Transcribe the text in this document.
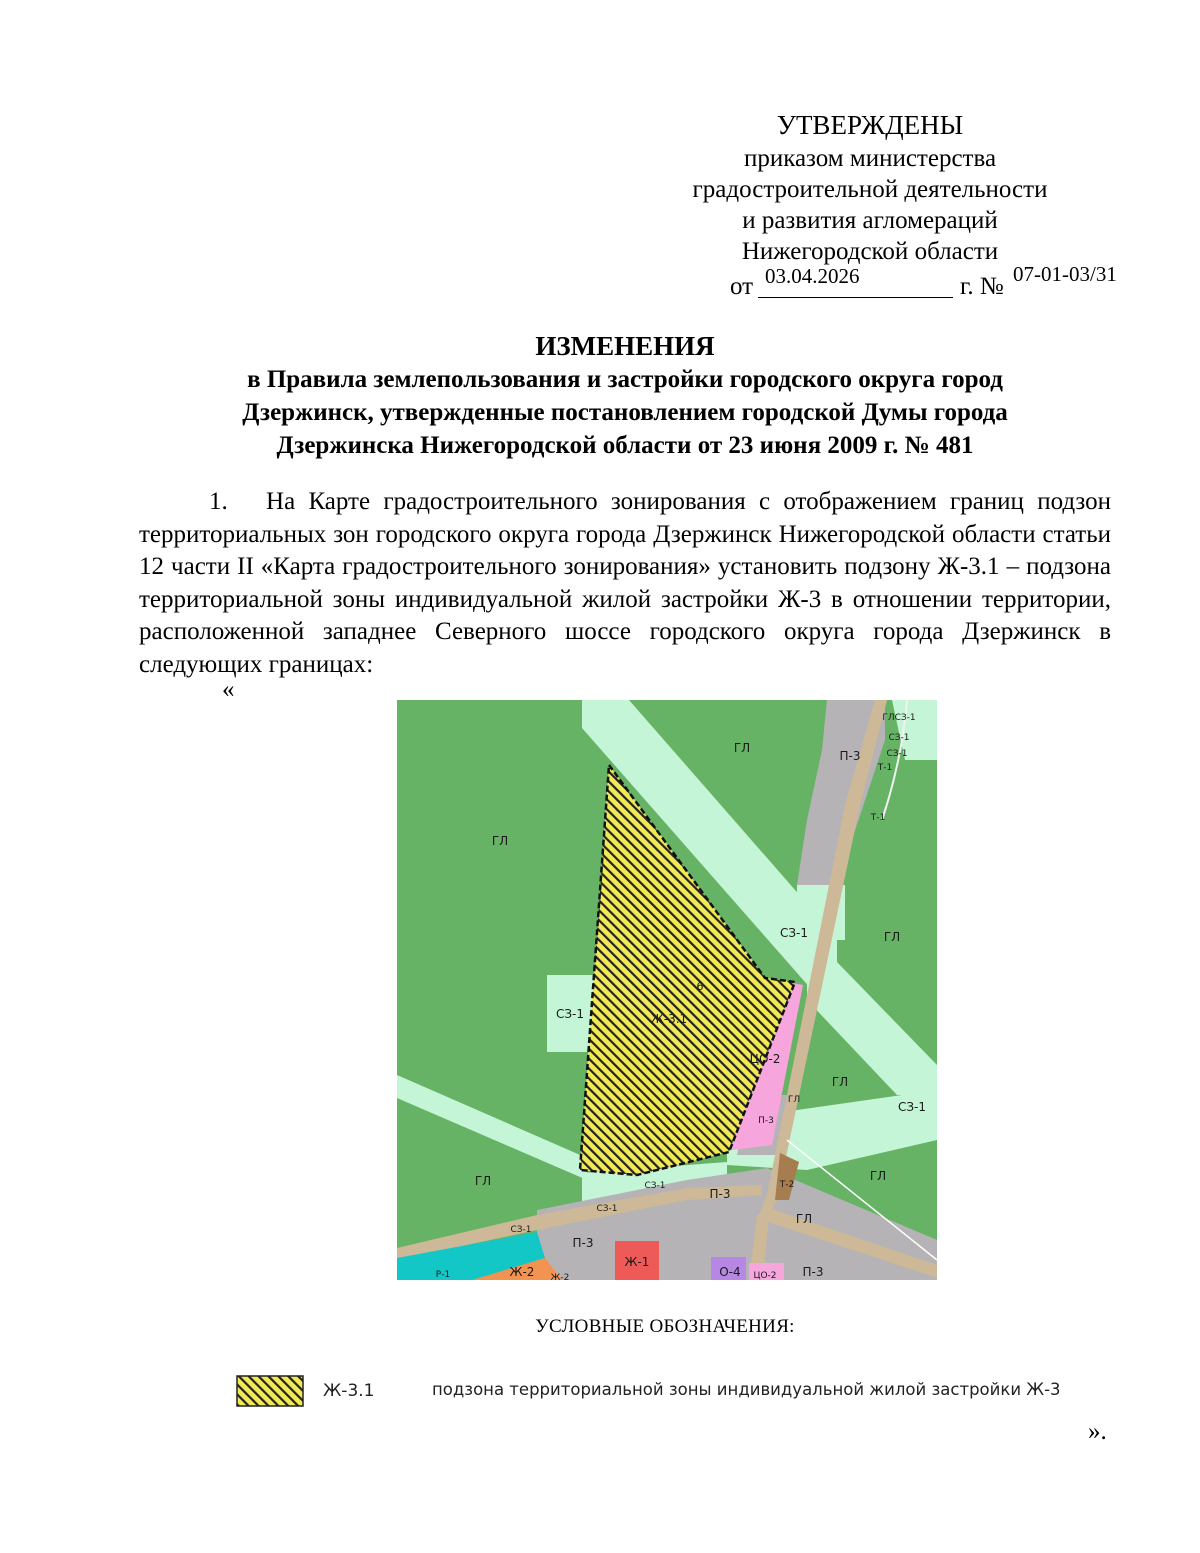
УТВЕРЖДЕНЫ
приказом министерства
градостроительной деятельности
и развития агломераций
Нижегородской области
от 03.04.2026	г. № 07-01-03/31
ИЗМЕНЕНИЯ
в Правила землепользования и застройки городского округа город
Дзержинск, утвержденные постановлением городской Думы города
Дзержинска Нижегородской области от 23 июня 2009 г. № 481
1.  На Карте градостроительного зонирования с отображением границ подзон территориальных зон городского округа города Дзержинск Нижегородской области статьи 12 части II «Карта градостроительного зонирования» установить подзону Ж-3.1 – подзона территориальной зоны индивидуальной жилой застройки Ж-3 в отношении территории, расположенной западнее Северного шоссе городского округа города Дзержинск в следующих границах:
«
ГЛ
ГЛ
ГЛ
ГЛ
ГЛ
ГЛ	ГЛ
ГЛ
П-3
П-3
П-3
П-3
П-3
СЗ-1
СЗ-1
СЗ-1
СЗ-1
СЗ-1
СЗ-1
ГЛСЗ-1
СЗ-1
СЗ-1
Т-1
Т-1
6
Ж-3.1
ЦО-2
Т-2
Ж-1
Ж-2 Ж-2
Р-1	О-4 ЦО-2
УСЛОВНЫЕ ОБОЗНАЧЕНИЯ:
Ж-3.1	подзона территориальной зоны индивидуальной жилой застройки Ж-3
».
